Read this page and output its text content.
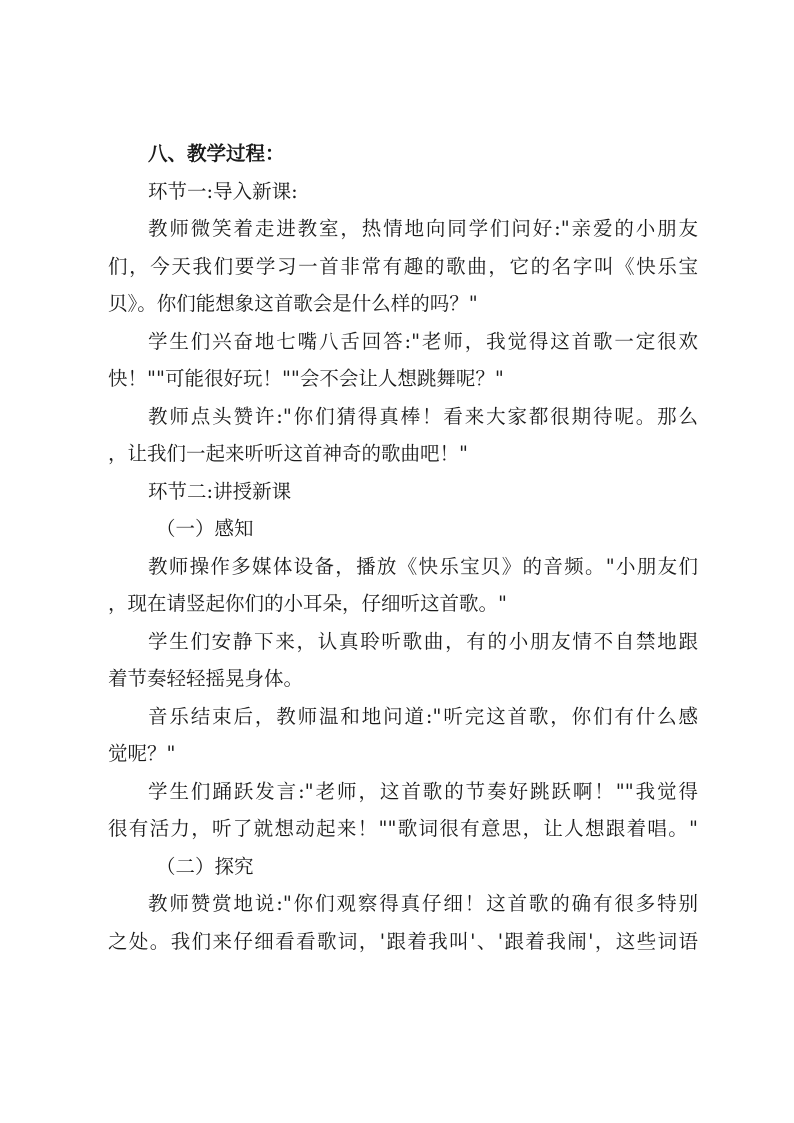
八、教学过程：
环节一:导入新课:
教师微笑着走进教室，热情地向同学们问好:"亲爱的小朋友
们，今天我们要学习一首非常有趣的歌曲，它的名字叫《快乐宝
贝》。你们能想象这首歌会是什么样的吗？"
学生们兴奋地七嘴八舌回答:"老师，我觉得这首歌一定很欢
快！""可能很好玩！""会不会让人想跳舞呢？"
教师点头赞许:"你们猜得真棒！看来大家都很期待呢。那么
，让我们一起来听听这首神奇的歌曲吧！"
环节二:讲授新课
（一）感知
教师操作多媒体设备，播放《快乐宝贝》的音频。"小朋友们
，现在请竖起你们的小耳朵，仔细听这首歌。"
学生们安静下来，认真聆听歌曲，有的小朋友情不自禁地跟
着节奏轻轻摇晃身体。
音乐结束后，教师温和地问道:"听完这首歌，你们有什么感
觉呢？"
学生们踊跃发言:"老师，这首歌的节奏好跳跃啊！""我觉得
很有活力，听了就想动起来！""歌词很有意思，让人想跟着唱。"
（二）探究
教师赞赏地说:"你们观察得真仔细！这首歌的确有很多特别
之处。我们来仔细看看歌词，'跟着我叫'、'跟着我闹'，这些词语
